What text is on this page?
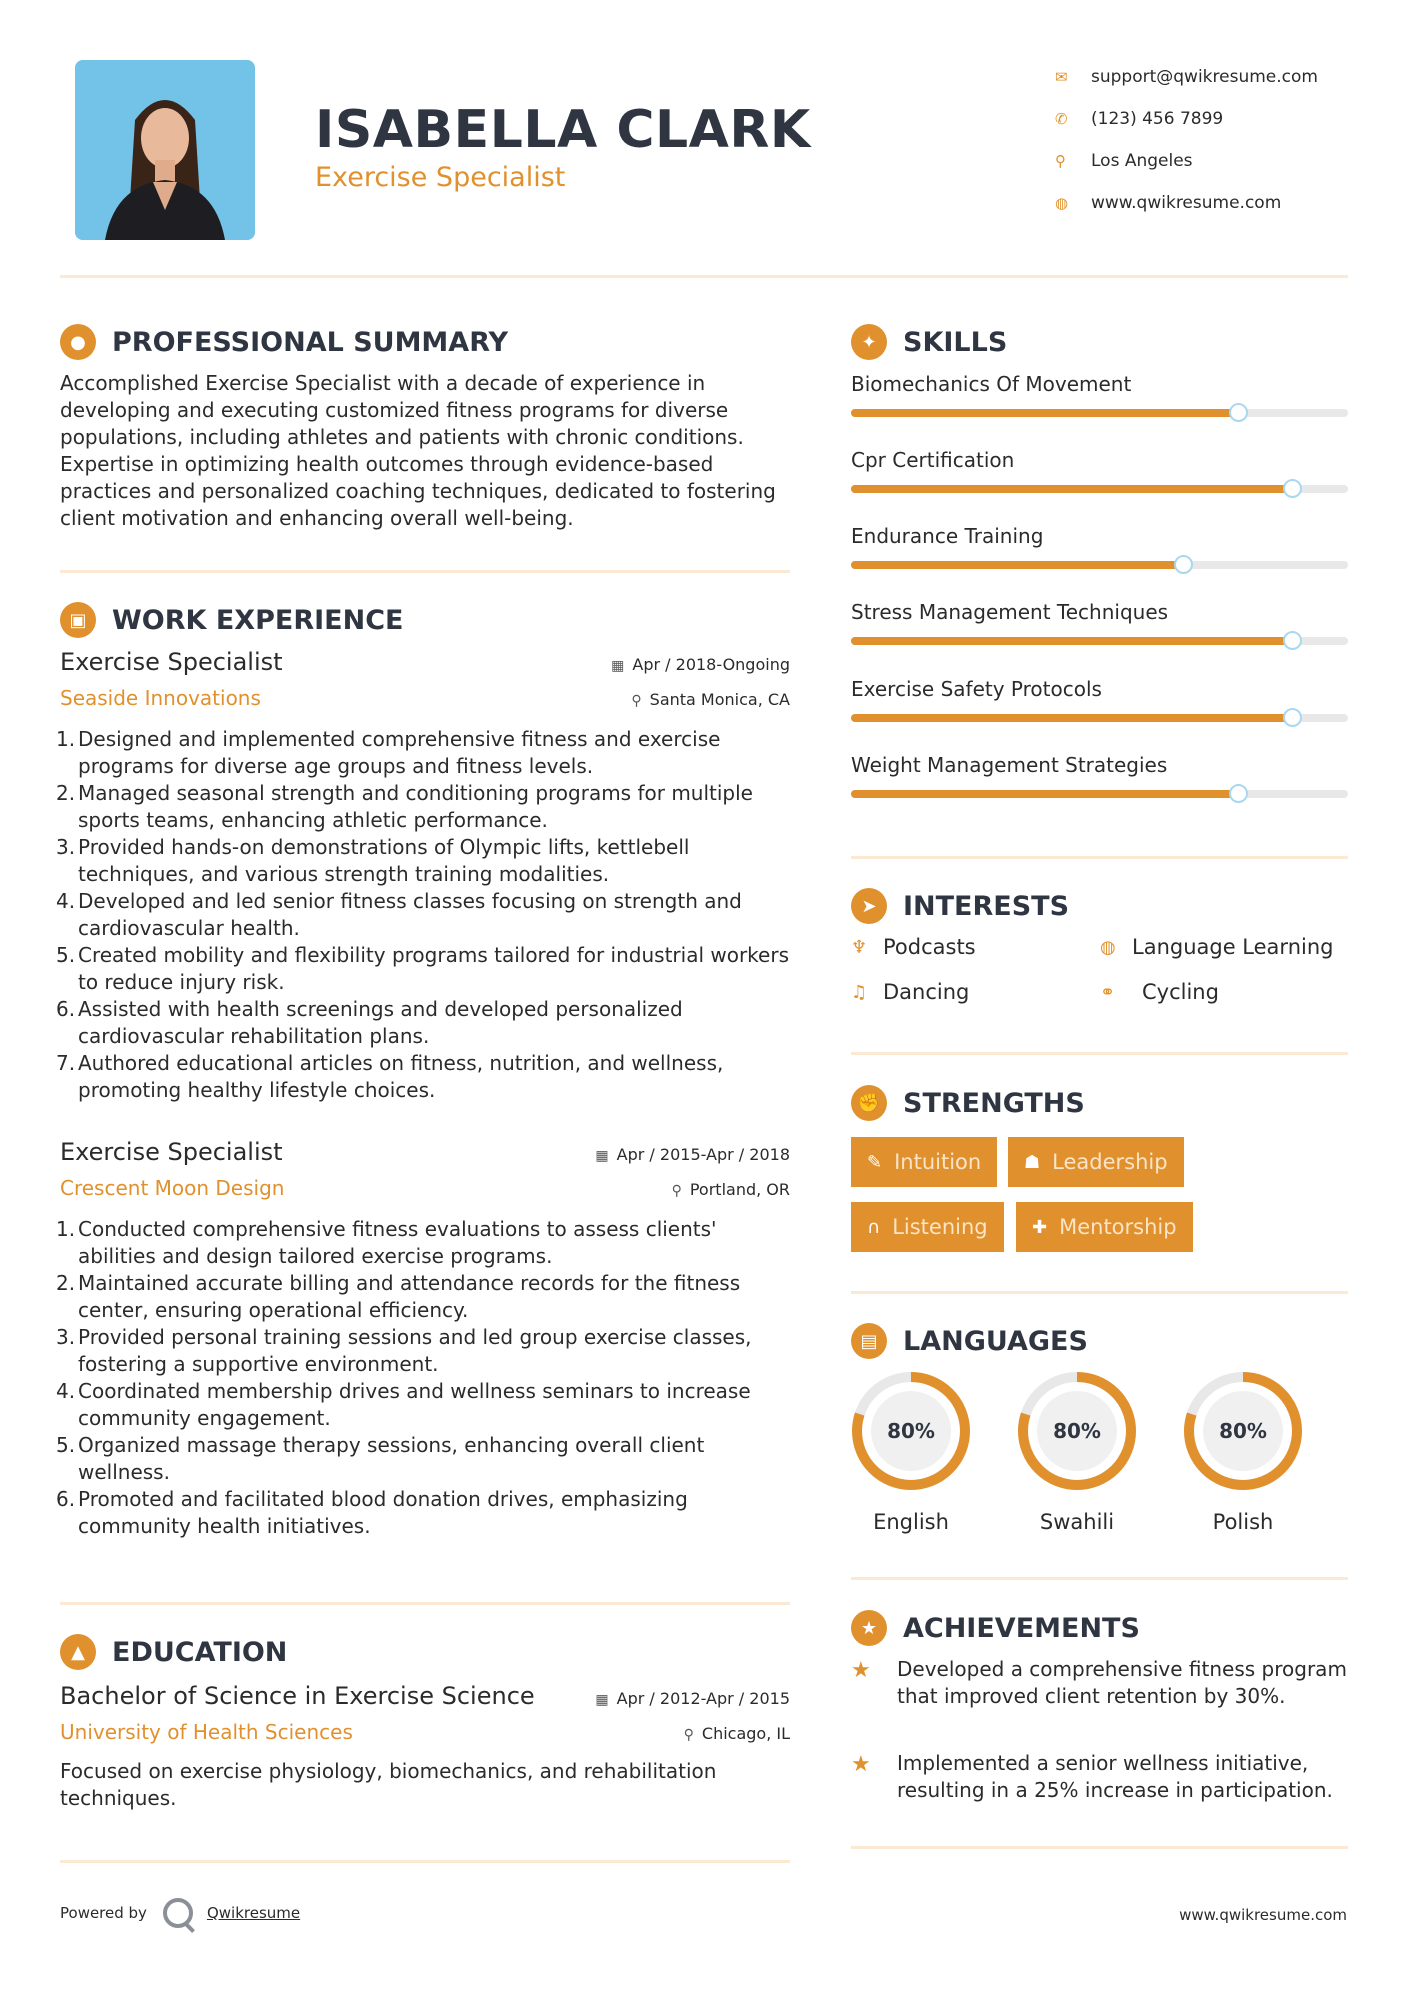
ISABELLA CLARK
Exercise Specialist
✉	support@qwikresume.com
✆	(123) 456 7899
⚲	Los Angeles
◍	www.qwikresume.com
● PROFESSIONAL SUMMARY
Accomplished Exercise Specialist with a decade of experience in developing and executing customized fitness programs for diverse populations, including athletes and patients with chronic conditions. Expertise in optimizing health outcomes through evidence-based practices and personalized coaching techniques, dedicated to fostering client motivation and enhancing overall well-being.
▣ WORK EXPERIENCE
Exercise Specialist
Seaside Innovations
▦ Apr / 2018-Ongoing
⚲ Santa Monica, CA
1. Designed and implemented comprehensive fitness and exercise programs for diverse age groups and fitness levels.
2. Managed seasonal strength and conditioning programs for multiple sports teams, enhancing athletic performance.
3. Provided hands-on demonstrations of Olympic lifts, kettlebell techniques, and various strength training modalities.
4. Developed and led senior fitness classes focusing on strength and cardiovascular health.
5. Created mobility and flexibility programs tailored for industrial workers to reduce injury risk.
6. Assisted with health screenings and developed personalized cardiovascular rehabilitation plans.
7. Authored educational articles on fitness, nutrition, and wellness, promoting healthy lifestyle choices.
Exercise Specialist
Crescent Moon Design
▦ Apr / 2015-Apr / 2018
⚲ Portland, OR
1. Conducted comprehensive fitness evaluations to assess clients' abilities and design tailored exercise programs.
2. Maintained accurate billing and attendance records for the fitness center, ensuring operational efficiency.
3. Provided personal training sessions and led group exercise classes, fostering a supportive environment.
4. Coordinated membership drives and wellness seminars to increase community engagement.
5. Organized massage therapy sessions, enhancing overall client wellness.
6. Promoted and facilitated blood donation drives, emphasizing community health initiatives.
▲	EDUCATION
Bachelor of Science in Exercise Science
University of Health Sciences
▦ Apr / 2012-Apr / 2015
⚲ Chicago, IL
Focused on exercise physiology, biomechanics, and rehabilitation techniques.
✦ SKILLS
Biomechanics Of Movement
Cpr Certification
Endurance Training
Stress Management Techniques
Exercise Safety Protocols
Weight Management Strategies
➤ INTERESTS
♆ Podcasts	◍ Language Learning
♫ Dancing	⚭	Cycling
✊ STRENGTHS
✎ Intuition ☗ Leadership
∩ Listening ✚ Mentorship
▤ LANGUAGES
80%
English
80%
Swahili
80%
Polish
★ ACHIEVEMENTS
★	Developed a comprehensive fitness program that improved client retention by 30%.
★	Implemented a senior wellness initiative, resulting in a 25% increase in participation.
Powered by	Qwikresume	www.qwikresume.com
